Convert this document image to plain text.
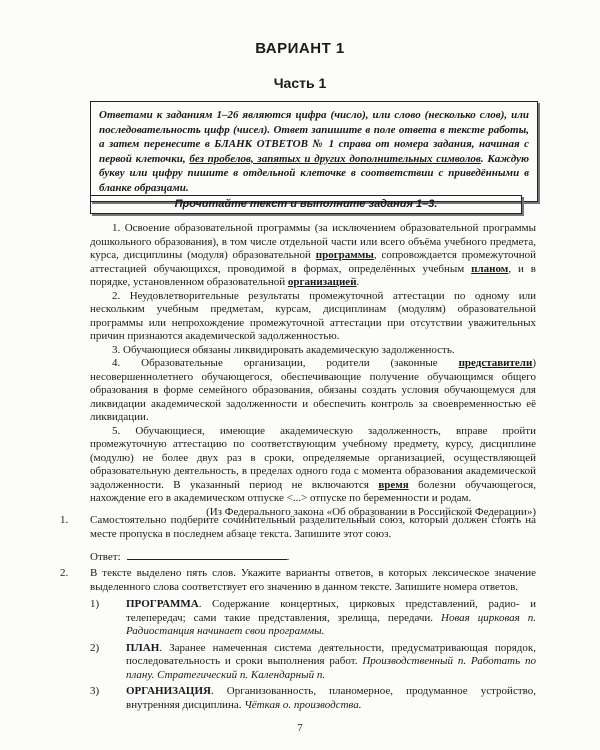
ВАРИАНТ 1
Часть 1
Ответами к заданиям 1–26 являются цифра (число), или слово (несколько слов), или последовательность цифр (чисел). Ответ запишите в поле ответа в тексте работы, а затем перенесите в БЛАНК ОТВЕТОВ № 1 справа от номера задания, начиная с первой клеточки, без пробелов, запятых и других дополнительных символов. Каждую букву или цифру пишите в отдельной клеточке в соответствии с приведёнными в бланке образцами.
Прочитайте текст и выполните задания 1–3.

1. Освоение образовательной программы (за исключением образовательной программы дошкольного образования), в том числе отдельной части или всего объёма учебного предмета, курса, дисциплины (модуля) образовательной программы, сопровождается промежуточной аттестацией обучающихся, проводимой в формах, определённых учебным планом, и в порядке, установленном образовательной организацией.

2. Неудовлетворительные результаты промежуточной аттестации по одному или нескольким учебным предметам, курсам, дисциплинам (модулям) образовательной программы или непрохождение промежуточной аттестации при отсутствии уважительных причин признаются академической задолженностью.

3. Обучающиеся обязаны ликвидировать академическую задолженность.

4. Образовательные организации, родители (законные представители) несовершеннолетнего обучающегося, обеспечивающие получение обучающимся общего образования в форме семейного образования, обязаны создать условия обучающемуся для ликвидации академической задолженности и обеспечить контроль за своевременностью её ликвидации.

5. Обучающиеся, имеющие академическую задолженность, вправе пройти промежуточную аттестацию по соответствующим учебному предмету, курсу, дисциплине (модулю) не более двух раз в сроки, определяемые организацией, осуществляющей образовательную деятельность, в пределах одного года с момента образования академической задолженности. В указанный период не включаются время болезни обучающегося, нахождение его в академическом отпуске <...> отпуске по беременности и родам.

(Из Федерального закона «Об образовании в Российской Федерации»)
1.	Самостоятельно подберите сочинительный разделительный союз, который должен стоять на месте пропуска в последнем абзаце текста. Запишите этот союз.
Ответ:	.
2.	В тексте выделено пять слов. Укажите варианты ответов, в которых лексическое значение выделенного слова соответствует его значению в данном тексте. Запишите номера ответов.
1) ПРОГРАММА. Содержание концертных, цирковых представлений, радио- и телепередач; сами такие представления, зрелища, передачи. Новая цирковая п. Радиостанция начинает свои программы.
2) ПЛАН. Заранее намеченная система деятельности, предусматривающая порядок, последовательность и сроки выполнения работ. Производственный п. Работать по плану. Стратегический п. Календарный п.
3) ОРГАНИЗАЦИЯ. Организованность, планомерное, продуманное устройство, внутренняя дисциплина. Чёткая о. производства.
7
